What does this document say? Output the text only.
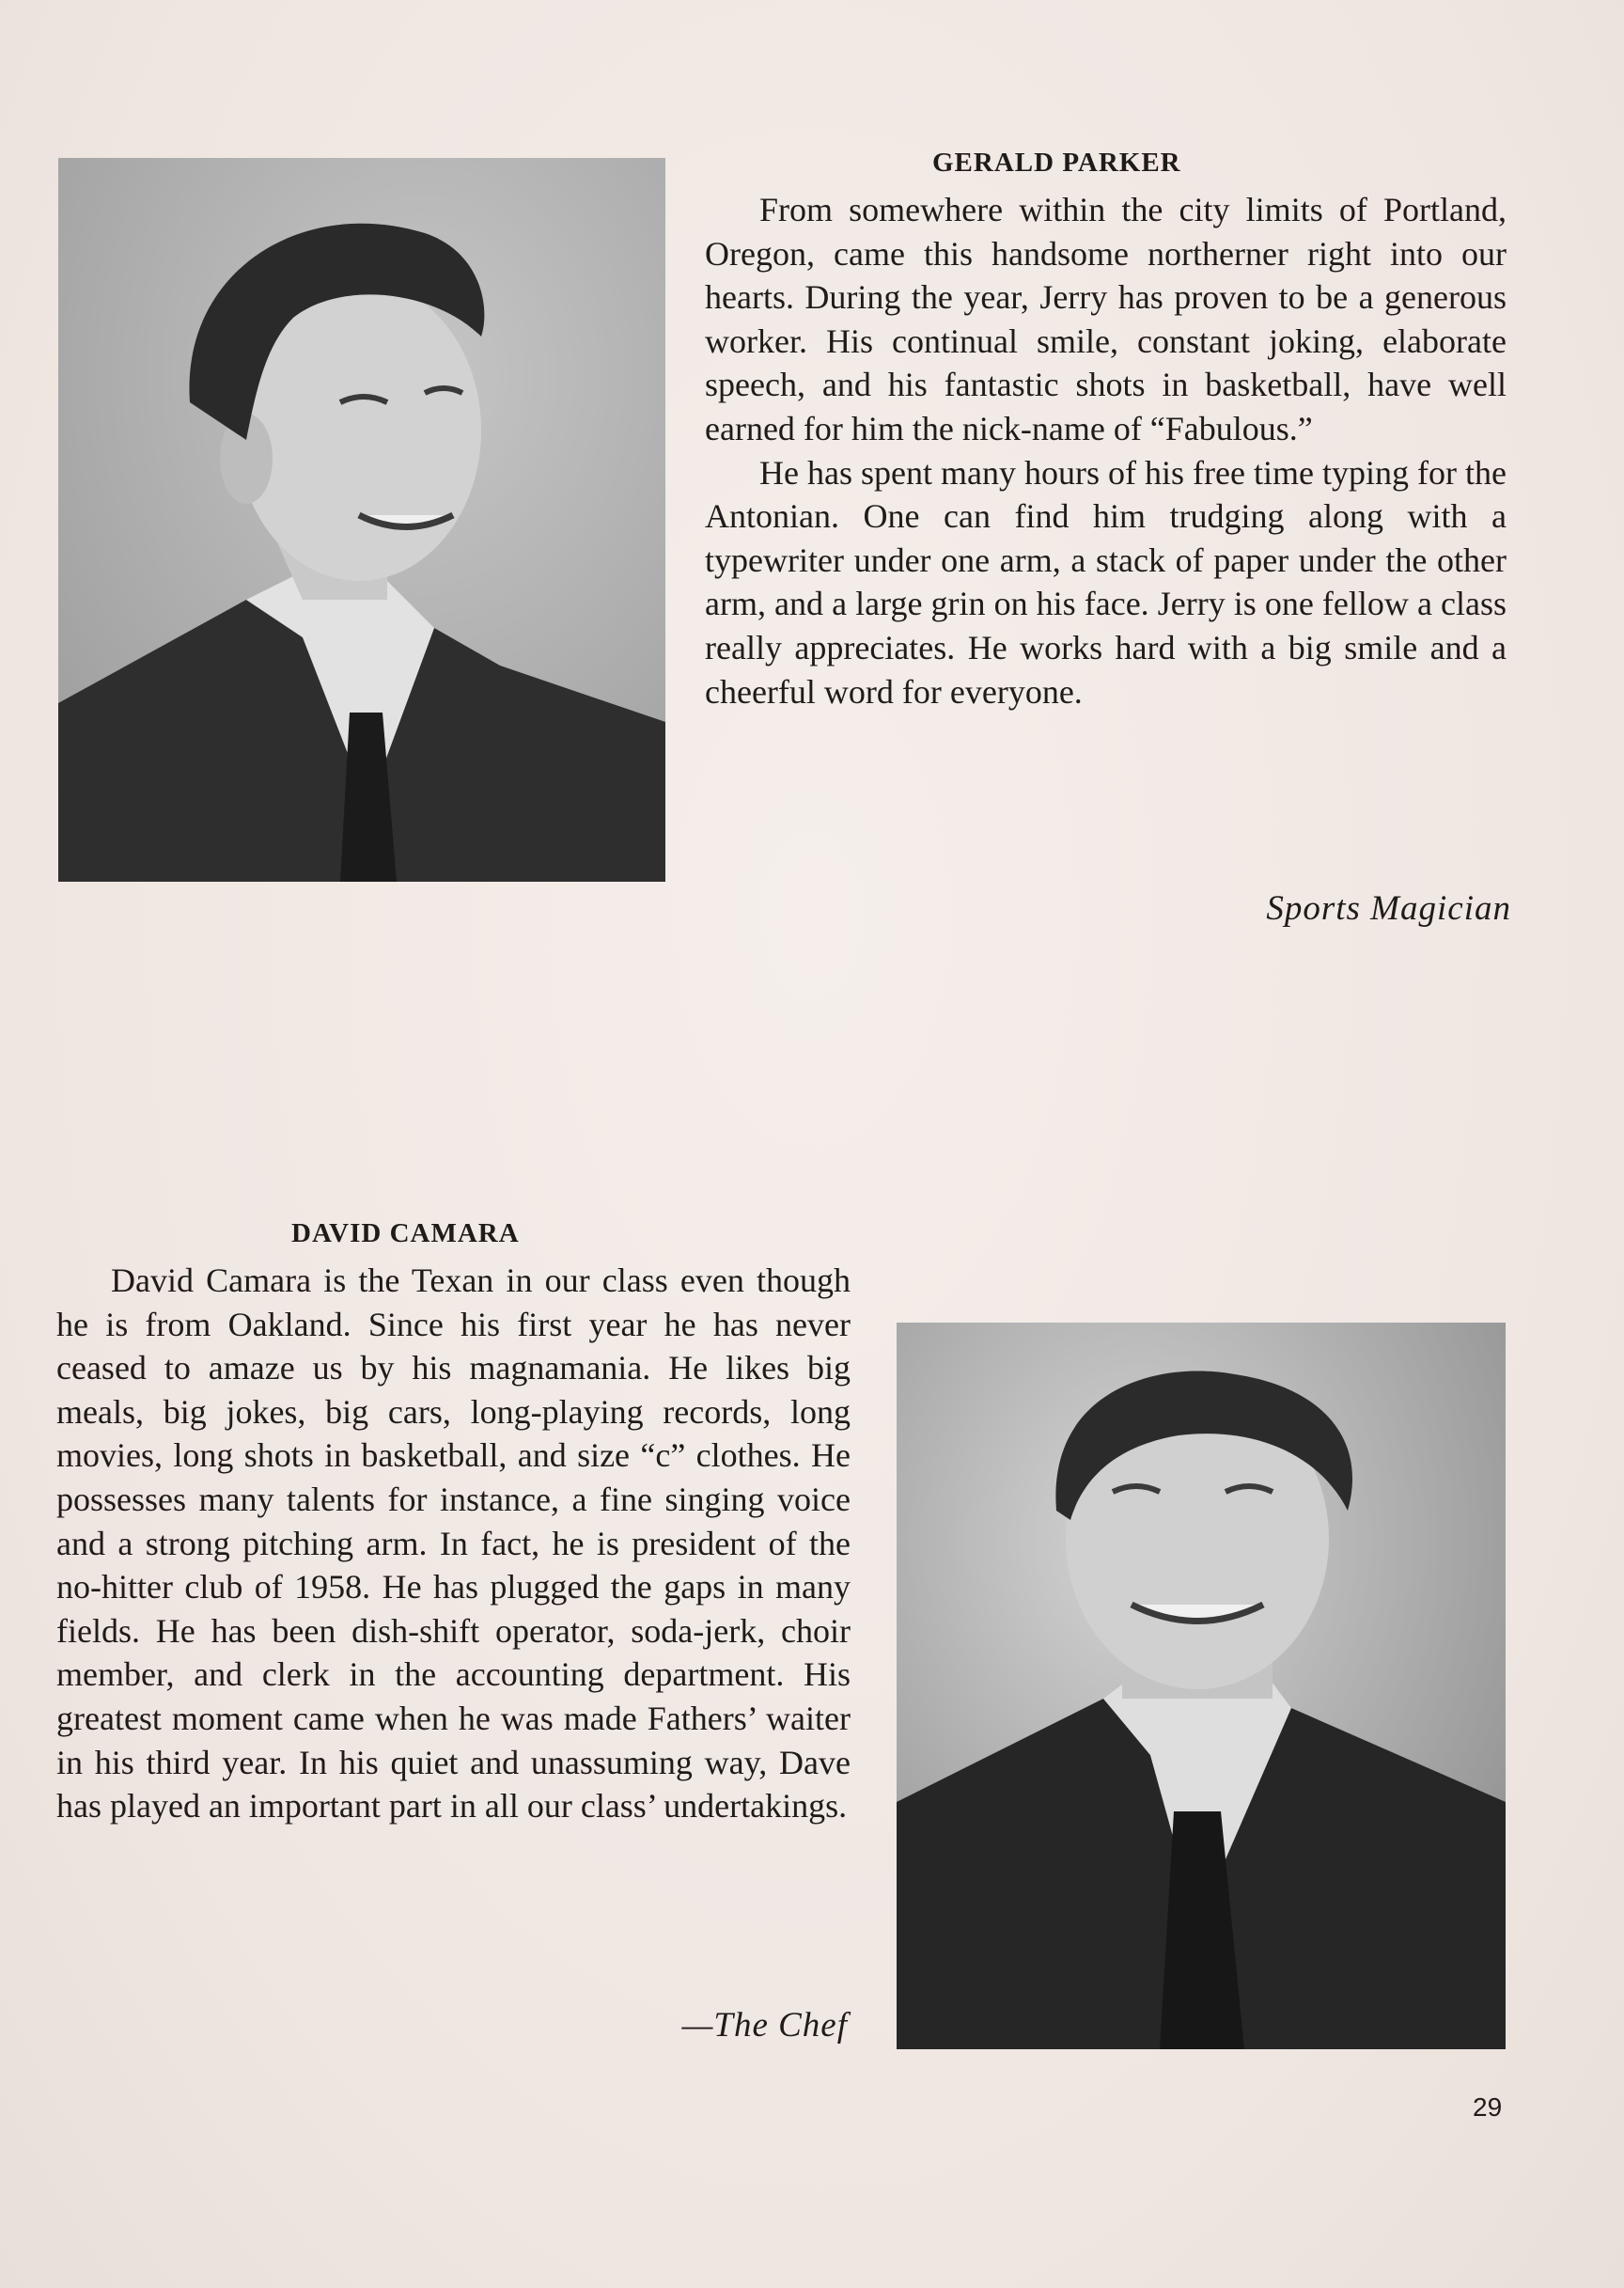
GERALD PARKER

From somewhere within the city limits of Portland, Oregon, came this handsome northerner right into our hearts. During the year, Jerry has proven to be a generous worker. His continual smile, constant joking, elaborate speech, and his fantastic shots in basketball, have well earned for him the nick-name of “Fabulous.”

He has spent many hours of his free time typing for the Antonian. One can find him trudging along with a typewriter under one arm, a stack of paper under the other arm, and a large grin on his face. Jerry is one fellow a class really appreciates. He works hard with a big smile and a cheerful word for everyone.

Sports Magician

DAVID CAMARA

David Camara is the Texan in our class even though he is from Oakland. Since his first year he has never ceased to amaze us by his magnamania. He likes big meals, big jokes, big cars, long-playing records, long movies, long shots in basketball, and size “c” clothes. He possesses many talents for instance, a fine singing voice and a strong pitching arm. In fact, he is president of the no-hitter club of 1958. He has plugged the gaps in many fields. He has been dish-shift operator, soda-jerk, choir member, and clerk in the accounting department. His greatest moment came when he was made Fathers’ waiter in his third year. In his quiet and unassuming way, Dave has played an important part in all our class’ undertakings.

—The Chef

29
